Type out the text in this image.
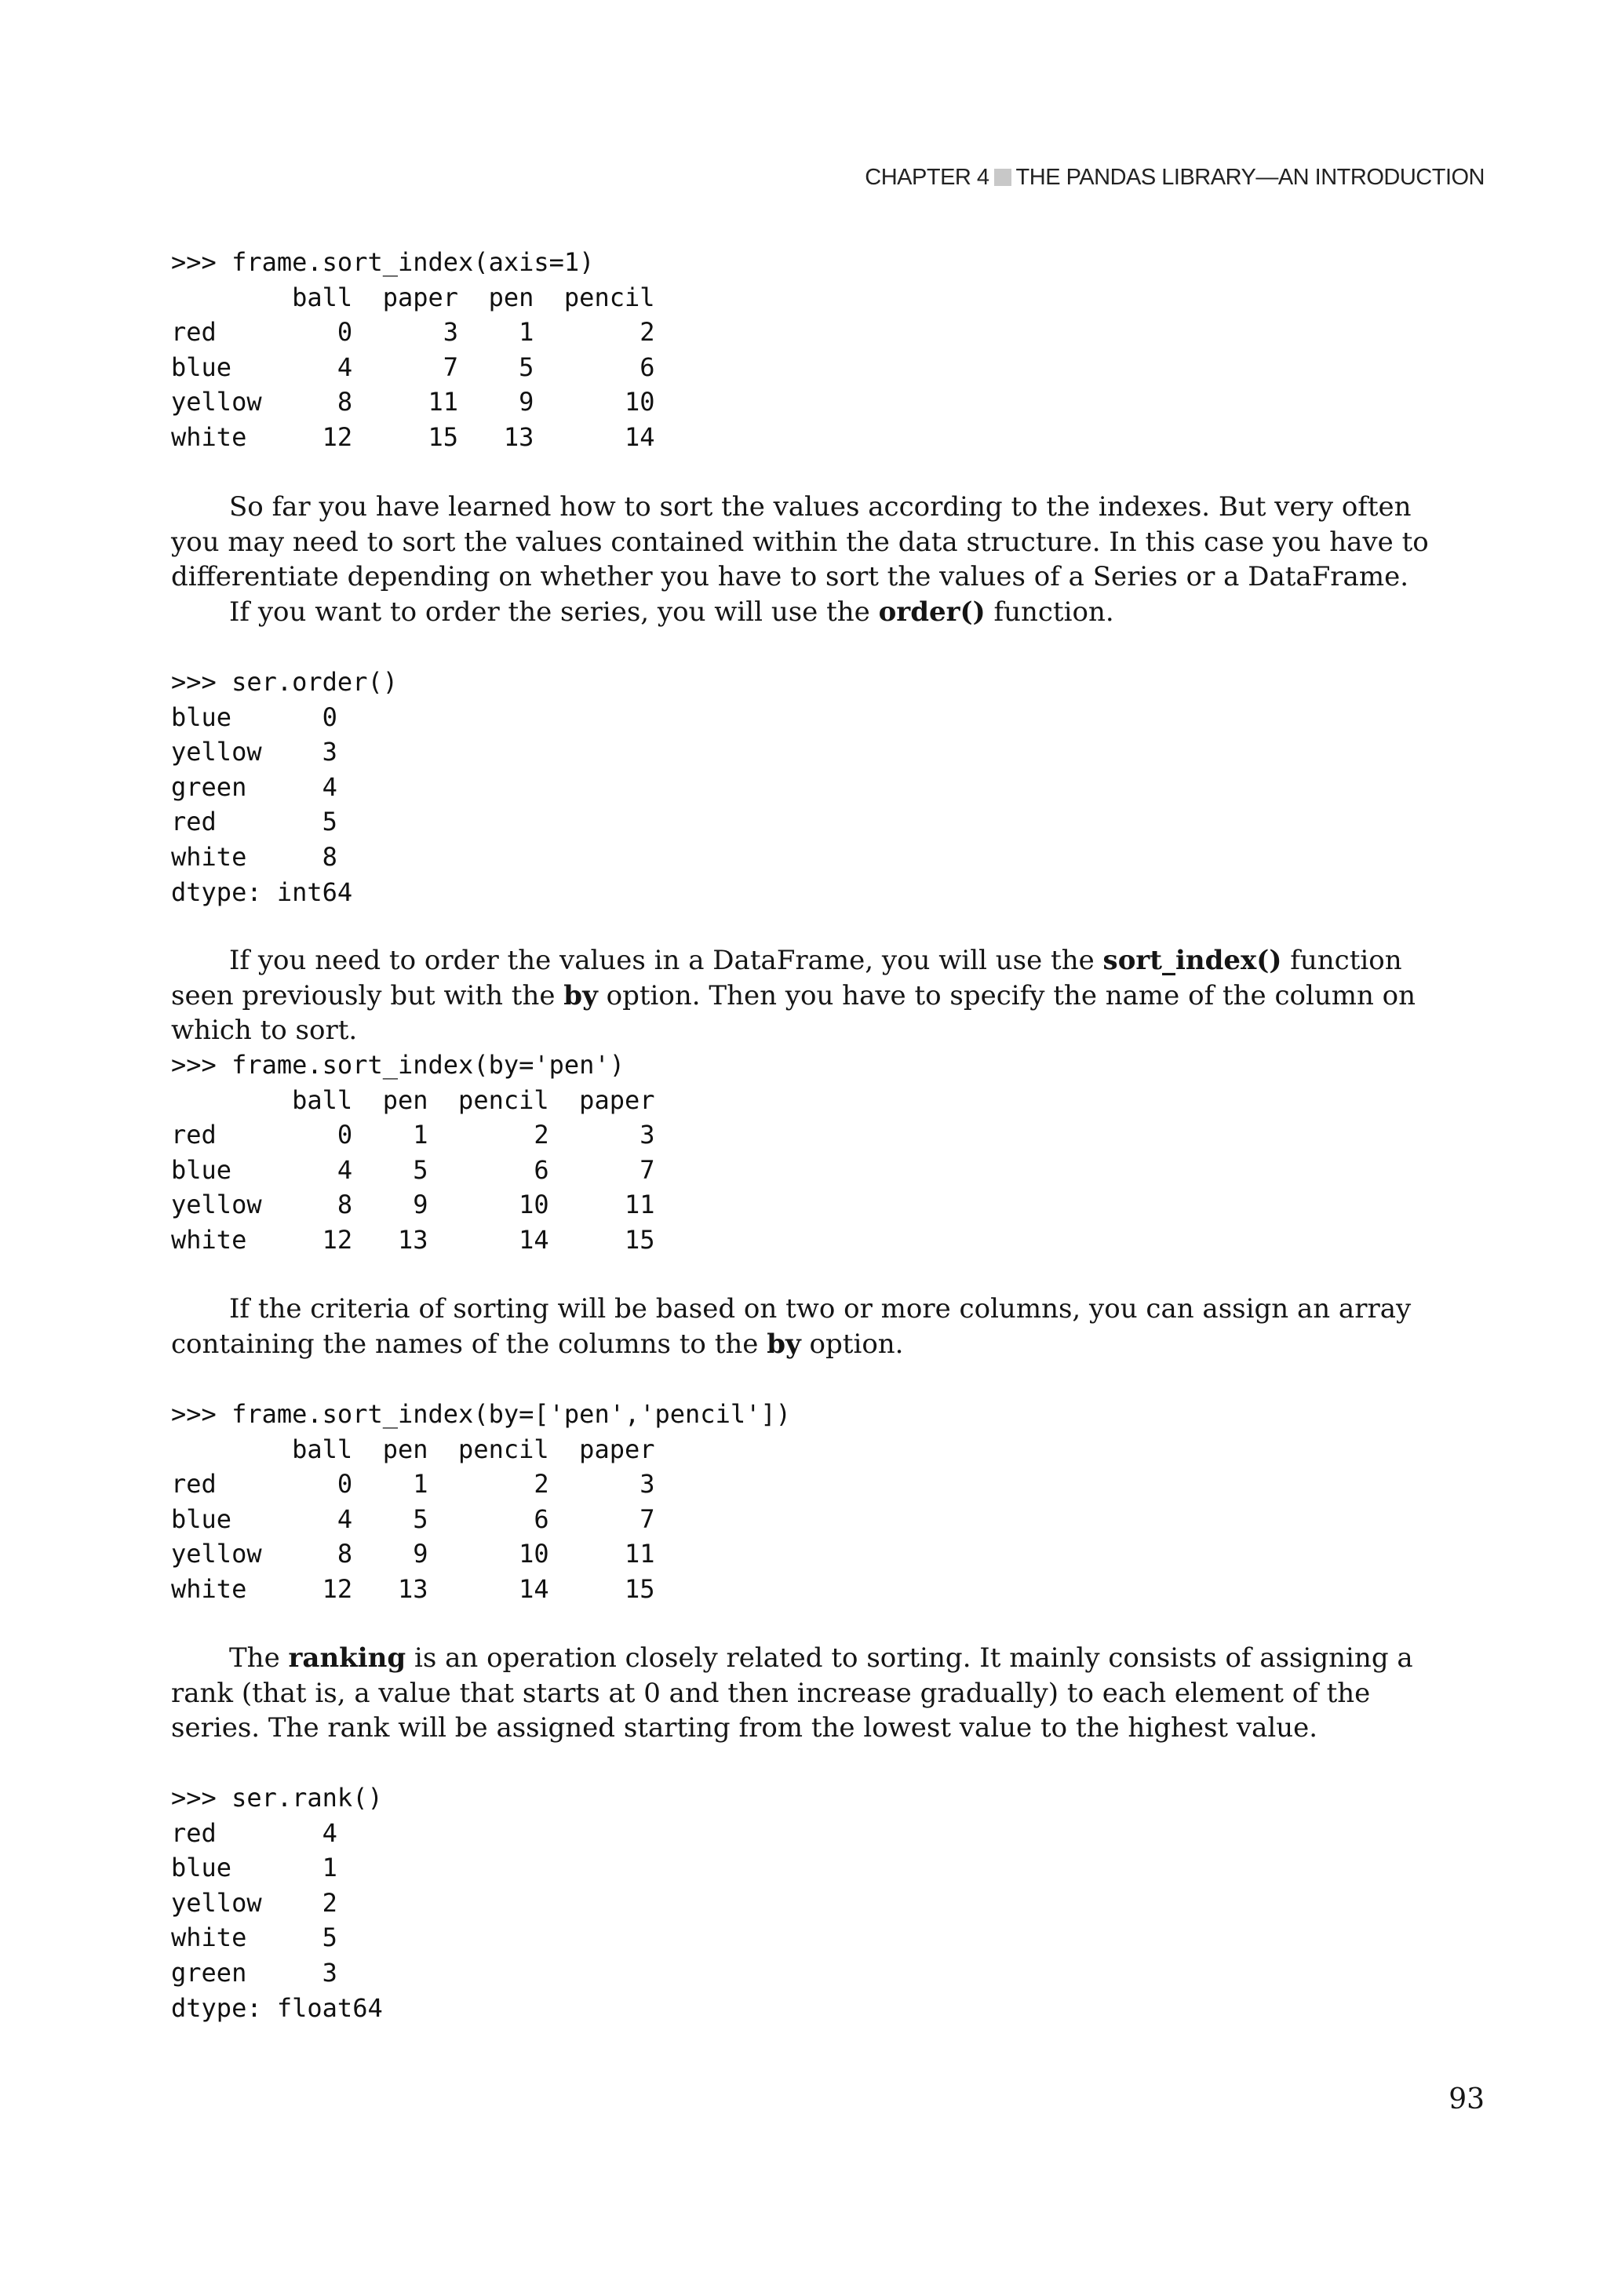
CHAPTER 4 THE PANDAS LIBRARY—AN INTRODUCTION
>>> frame.sort_index(axis=1)
ball  paper  pen  pencil
red        0      3    1       2
blue       4      7    5       6
yellow     8     11    9      10
white     12     15   13      14

So far you have learned how to sort the values according to the indexes. But very often you may need to sort the values contained within the data structure. In this case you have to differentiate depending on whether you have to sort the values of a Series or a DataFrame.

If you want to order the series, you will use the order() function.

>>> ser.order()
blue      0
yellow    3
green     4
red       5
white     8
dtype: int64

If you need to order the values in a DataFrame, you will use the sort_index() function seen previously but with the by option. Then you have to specify the name of the column on which to sort.

>>> frame.sort_index(by='pen')
ball  pen  pencil  paper
red        0    1       2      3
blue       4    5       6      7
yellow     8    9      10     11
white     12   13      14     15

If the criteria of sorting will be based on two or more columns, you can assign an array containing the names of the columns to the by option.

>>> frame.sort_index(by=['pen','pencil'])
ball  pen  pencil  paper
red        0    1       2      3
blue       4    5       6      7
yellow     8    9      10     11
white     12   13      14     15

The ranking is an operation closely related to sorting. It mainly consists of assigning a rank (that is, a value that starts at 0 and then increase gradually) to each element of the series. The rank will be assigned starting from the lowest value to the highest value.

>>> ser.rank()
red       4
blue      1
yellow    2
white     5
green     3
dtype: float64
93
